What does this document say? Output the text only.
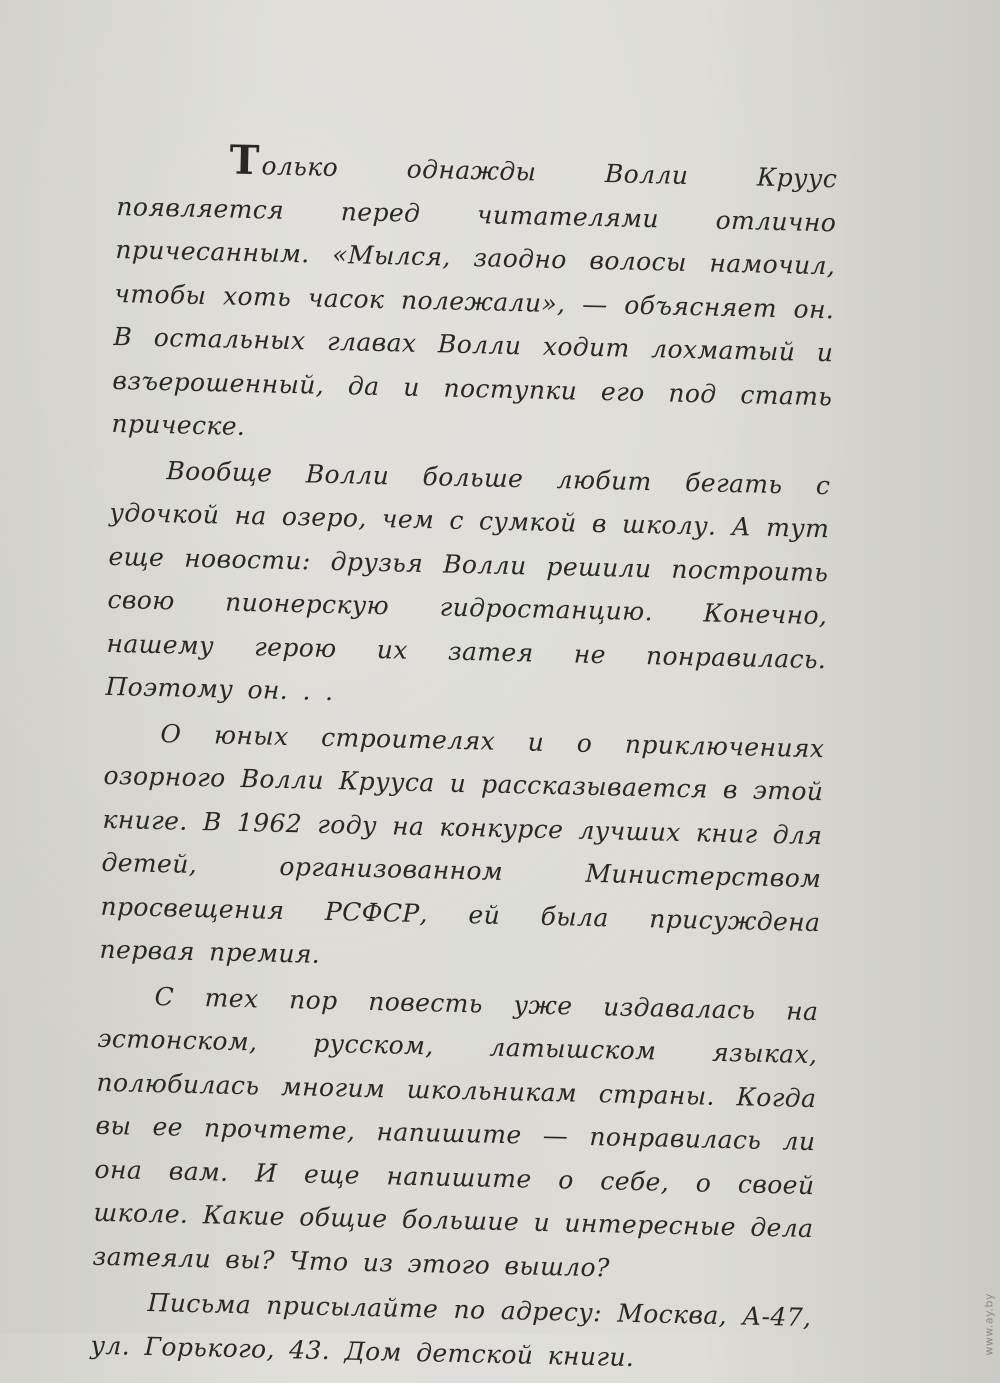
Только однажды Волли Круус появляется перед читателями отлично причесанным. «Мылся, заодно волосы намочил, чтобы хоть часок полежали», — объясняет он. В остальных главах Волли ходит лохматый и взъерошенный, да и поступки его под стать прическе.

Вообще Волли больше любит бегать с удочкой на озеро, чем с сумкой в школу. А тут еще новости: друзья Волли решили построить свою пионерскую гидростанцию. Конечно, нашему герою их затея не понравилась. Поэтому он. . .

О юных строителях и о приключениях озорного Волли Крууса и рассказывается в этой книге. В 1962 году на конкурсе лучших книг для детей, организованном Министерством просвещения РСФСР, ей была присуждена первая премия.

С тех пор повесть уже издавалась на эстонском, русском, латышском языках, полюбилась многим школьникам страны. Когда вы ее прочтете, напишите — понравилась ли она вам. И еще напишите о себе, о своей школе. Какие общие большие и интересные дела затеяли вы? Что из этого вышло?

Письма присылайте по адресу: Москва, А-47, ул. Горького, 43. Дом детской книги.	www.ay.by
